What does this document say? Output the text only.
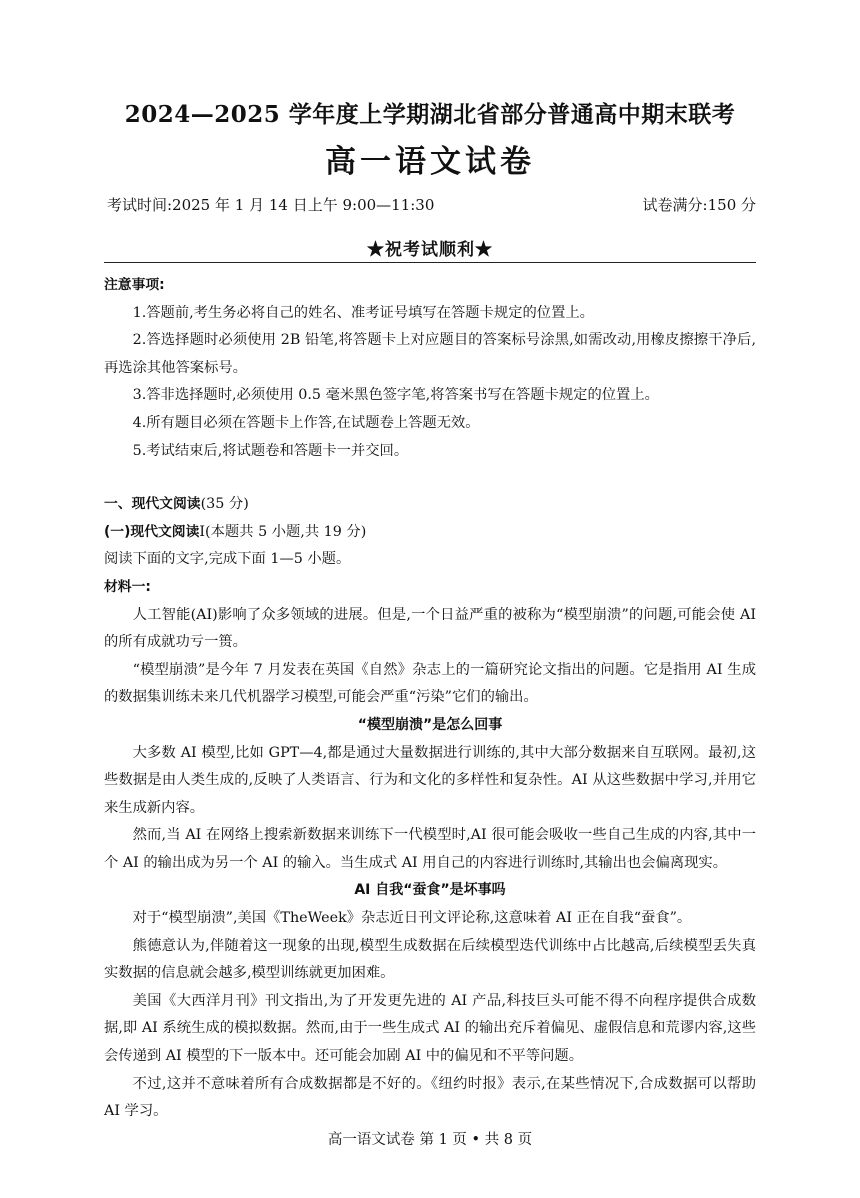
2024—2025 学年度上学期湖北省部分普通高中期末联考
高一语文试卷
考试时间:2025 年 1 月 14 日上午 9:00—11:30	试卷满分:150 分
★祝考试顺利★
注意事项:

1.答题前,考生务必将自己的姓名、准考证号填写在答题卡规定的位置上。

2.答选择题时必须使用 2B 铅笔,将答题卡上对应题目的答案标号涂黑,如需改动,用橡皮擦擦干净后,再选涂其他答案标号。

3.答非选择题时,必须使用 0.5 毫米黑色签字笔,将答案书写在答题卡规定的位置上。

4.所有题目必须在答题卡上作答,在试题卷上答题无效。

5.考试结束后,将试题卷和答题卡一并交回。

一、现代文阅读(35 分)

(一)现代文阅读Ⅰ(本题共 5 小题,共 19 分)

阅读下面的文字,完成下面 1—5 小题。

材料一:

人工智能(AI)影响了众多领域的进展。但是,一个日益严重的被称为“模型崩溃”的问题,可能会使 AI 的所有成就功亏一篑。

“模型崩溃”是今年 7 月发表在英国《自然》杂志上的一篇研究论文指出的问题。它是指用 AI 生成的数据集训练未来几代机器学习模型,可能会严重“污染”它们的输出。

“模型崩溃”是怎么回事

大多数 AI 模型,比如 GPT—4,都是通过大量数据进行训练的,其中大部分数据来自互联网。最初,这些数据是由人类生成的,反映了人类语言、行为和文化的多样性和复杂性。AI 从这些数据中学习,并用它来生成新内容。

然而,当 AI 在网络上搜索新数据来训练下一代模型时,AI 很可能会吸收一些自己生成的内容,其中一个 AI 的输出成为另一个 AI 的输入。当生成式 AI 用自己的内容进行训练时,其输出也会偏离现实。

AI 自我“蚕食”是坏事吗

对于“模型崩溃”,美国《TheWeek》杂志近日刊文评论称,这意味着 AI 正在自我“蚕食”。

熊德意认为,伴随着这一现象的出现,模型生成数据在后续模型迭代训练中占比越高,后续模型丢失真实数据的信息就会越多,模型训练就更加困难。

美国《大西洋月刊》刊文指出,为了开发更先进的 AI 产品,科技巨头可能不得不向程序提供合成数据,即 AI 系统生成的模拟数据。然而,由于一些生成式 AI 的输出充斥着偏见、虚假信息和荒谬内容,这些会传递到 AI 模型的下一版本中。还可能会加剧 AI 中的偏见和不平等问题。

不过,这并不意味着所有合成数据都是不好的。《纽约时报》表示,在某些情况下,合成数据可以帮助 AI 学习。

高一语文试卷 第 1 页 • 共 8 页
